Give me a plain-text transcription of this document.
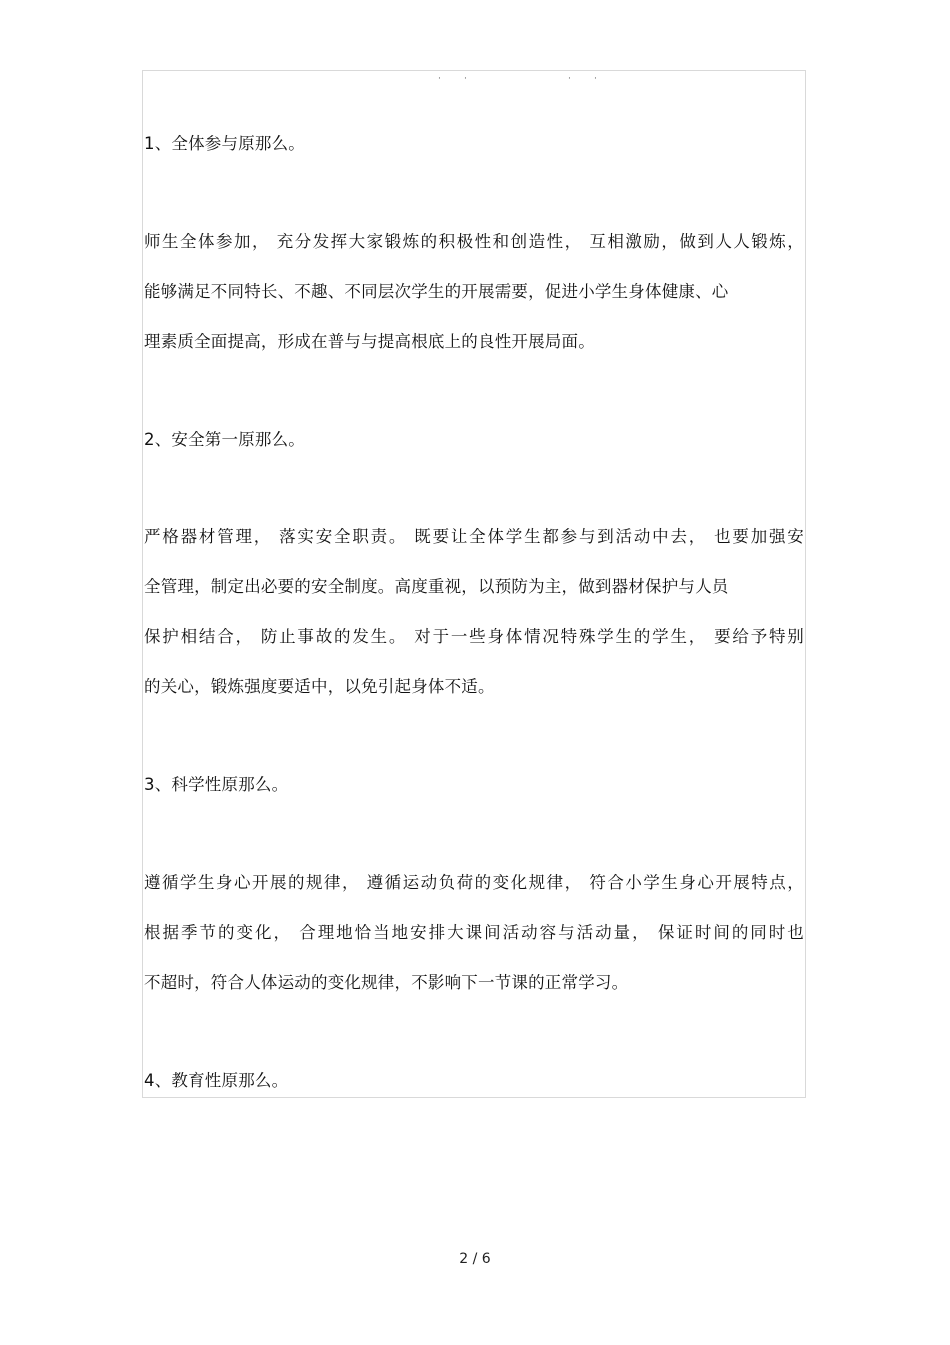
·	·	·	·
1、全体参与原那么。
师生全体参加， 充分发挥大家锻炼的积极性和创造性， 互相激励，做到人人锻炼，
能够满足不同特长、不趣、不同层次学生的开展需要，促进小学生身体健康、心
理素质全面提高，形成在普与与提高根底上的良性开展局面。
2、安全第一原那么。
严格器材管理， 落实安全职责。 既要让全体学生都参与到活动中去， 也要加强安
全管理，制定出必要的安全制度。高度重视，以预防为主，做到器材保护与人员
保护相结合， 防止事故的发生。 对于一些身体情况特殊学生的学生， 要给予特别
的关心，锻炼强度要适中，以免引起身体不适。
3、科学性原那么。
遵循学生身心开展的规律， 遵循运动负荷的变化规律， 符合小学生身心开展特点，
根据季节的变化， 合理地恰当地安排大课间活动容与活动量， 保证时间的同时也
不超时，符合人体运动的变化规律，不影响下一节课的正常学习。
4、教育性原那么。
2 / 6
